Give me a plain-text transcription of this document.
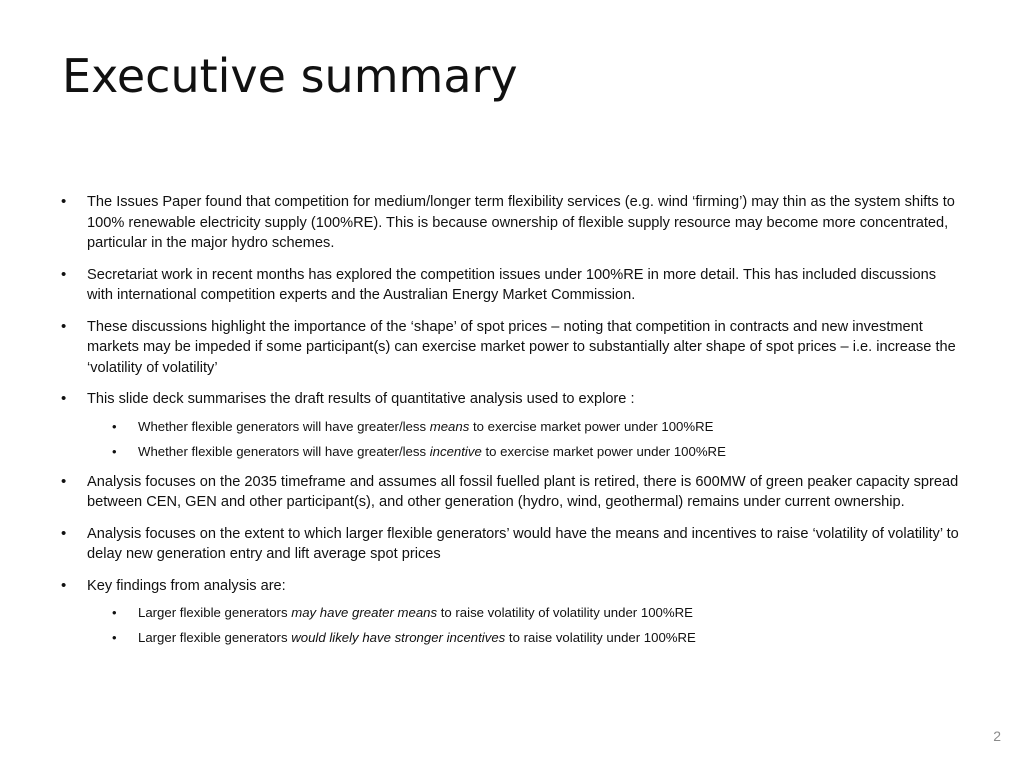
Executive summary
• The Issues Paper found that competition for medium/longer term flexibility services (e.g. wind ‘firming’) may thin as the system shifts to 100% renewable electricity supply (100%RE). This is because ownership of flexible supply resource may become more concentrated, particular in the major hydro schemes.
• Secretariat work in recent months has explored the competition issues under 100%RE in more detail. This has included discussions with international competition experts and the Australian Energy Market Commission.
• These discussions highlight the importance of the ‘shape’ of spot prices – noting that competition in contracts and new investment markets may be impeded if some participant(s) can exercise market power to substantially alter shape of spot prices – i.e. increase the ‘volatility of volatility’
• This slide deck summarises the draft results of quantitative analysis used to explore :
• Whether flexible generators will have greater/less means to exercise market power under 100%RE
• Whether flexible generators will have greater/less incentive to exercise market power under 100%RE
• Analysis focuses on the 2035 timeframe and assumes all fossil fuelled plant is retired, there is 600MW of green peaker capacity spread between CEN, GEN and other participant(s), and other generation (hydro, wind, geothermal) remains under current ownership.
• Analysis focuses on the extent to which larger flexible generators’ would have the means and incentives to raise ‘volatility of volatility’ to delay new generation entry and lift average spot prices
• Key findings from analysis are:
• Larger flexible generators may have greater means to raise volatility of volatility under 100%RE
• Larger flexible generators would likely have stronger incentives to raise volatility under 100%RE
2
